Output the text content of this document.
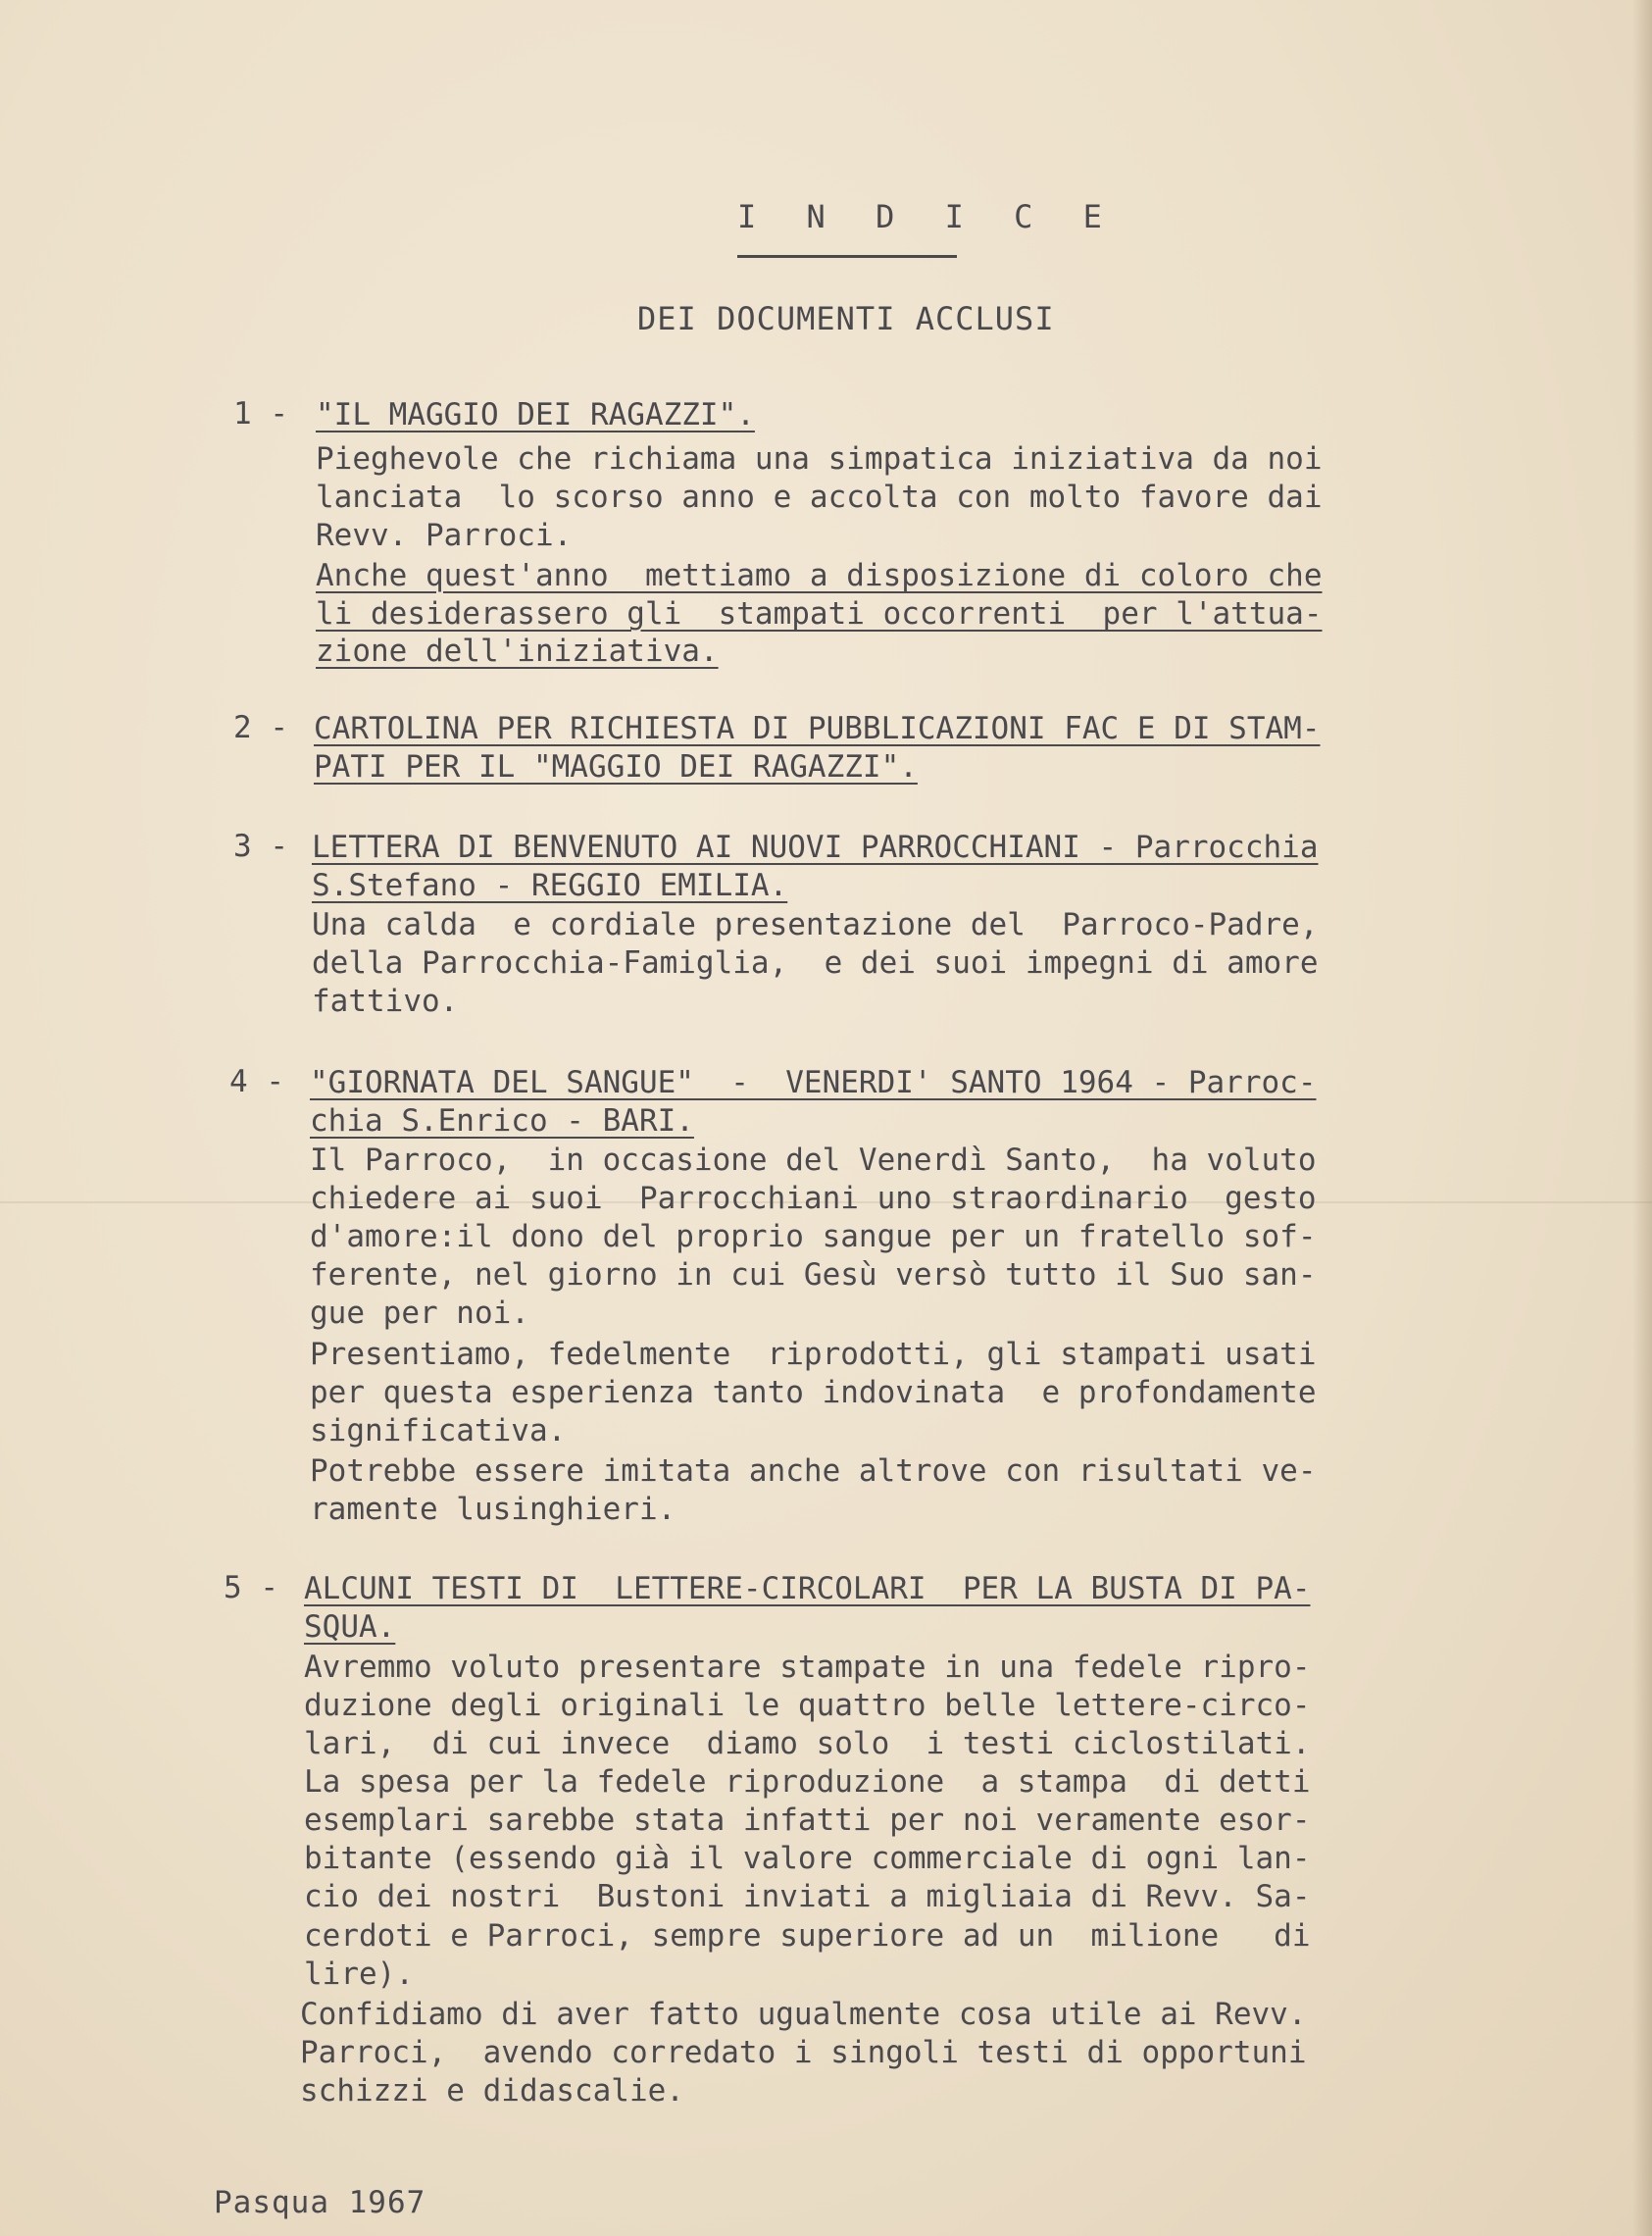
I N D I C E
DEI DOCUMENTI ACCLUSI
1 - "IL MAGGIO DEI RAGAZZI".
Pieghevole che richiama una simpatica iniziativa da noi
lanciata  lo scorso anno e accolta con molto favore dai
Revv. Parroci.
Anche quest'anno  mettiamo a disposizione di coloro che
li desiderassero gli  stampati occorrenti  per l'attua-
zione dell'iniziativa.
2 - CARTOLINA PER RICHIESTA DI PUBBLICAZIONI FAC E DI STAM-
PATI PER IL "MAGGIO DEI RAGAZZI".
3 - LETTERA DI BENVENUTO AI NUOVI PARROCCHIANI - Parrocchia
S.Stefano - REGGIO EMILIA.
Una calda  e cordiale presentazione del  Parroco-Padre,
della Parrocchia-Famiglia,  e dei suoi impegni di amore
fattivo.
4 - "GIORNATA DEL SANGUE"  -  VENERDI' SANTO 1964 - Parroc-
chia S.Enrico - BARI.
Il Parroco,  in occasione del Venerdì Santo,  ha voluto
chiedere ai suoi  Parrocchiani uno straordinario  gesto
d'amore:il dono del proprio sangue per un fratello sof-
ferente, nel giorno in cui Gesù versò tutto il Suo san-
gue per noi.
Presentiamo, fedelmente  riprodotti, gli stampati usati
per questa esperienza tanto indovinata  e profondamente
significativa.
Potrebbe essere imitata anche altrove con risultati ve-
ramente lusinghieri.
5 - ALCUNI TESTI DI  LETTERE-CIRCOLARI  PER LA BUSTA DI PA-
SQUA.
Avremmo voluto presentare stampate in una fedele ripro-
duzione degli originali le quattro belle lettere-circo-
lari,  di cui invece  diamo solo  i testi ciclostilati.
La spesa per la fedele riproduzione  a stampa  di detti
esemplari sarebbe stata infatti per noi veramente esor-
bitante (essendo già il valore commerciale di ogni lan-
cio dei nostri  Bustoni inviati a migliaia di Revv. Sa-
cerdoti e Parroci, sempre superiore ad un  milione   di
lire).
Confidiamo di aver fatto ugualmente cosa utile ai Revv.
Parroci,  avendo corredato i singoli testi di opportuni
schizzi e didascalie.
Pasqua 1967
